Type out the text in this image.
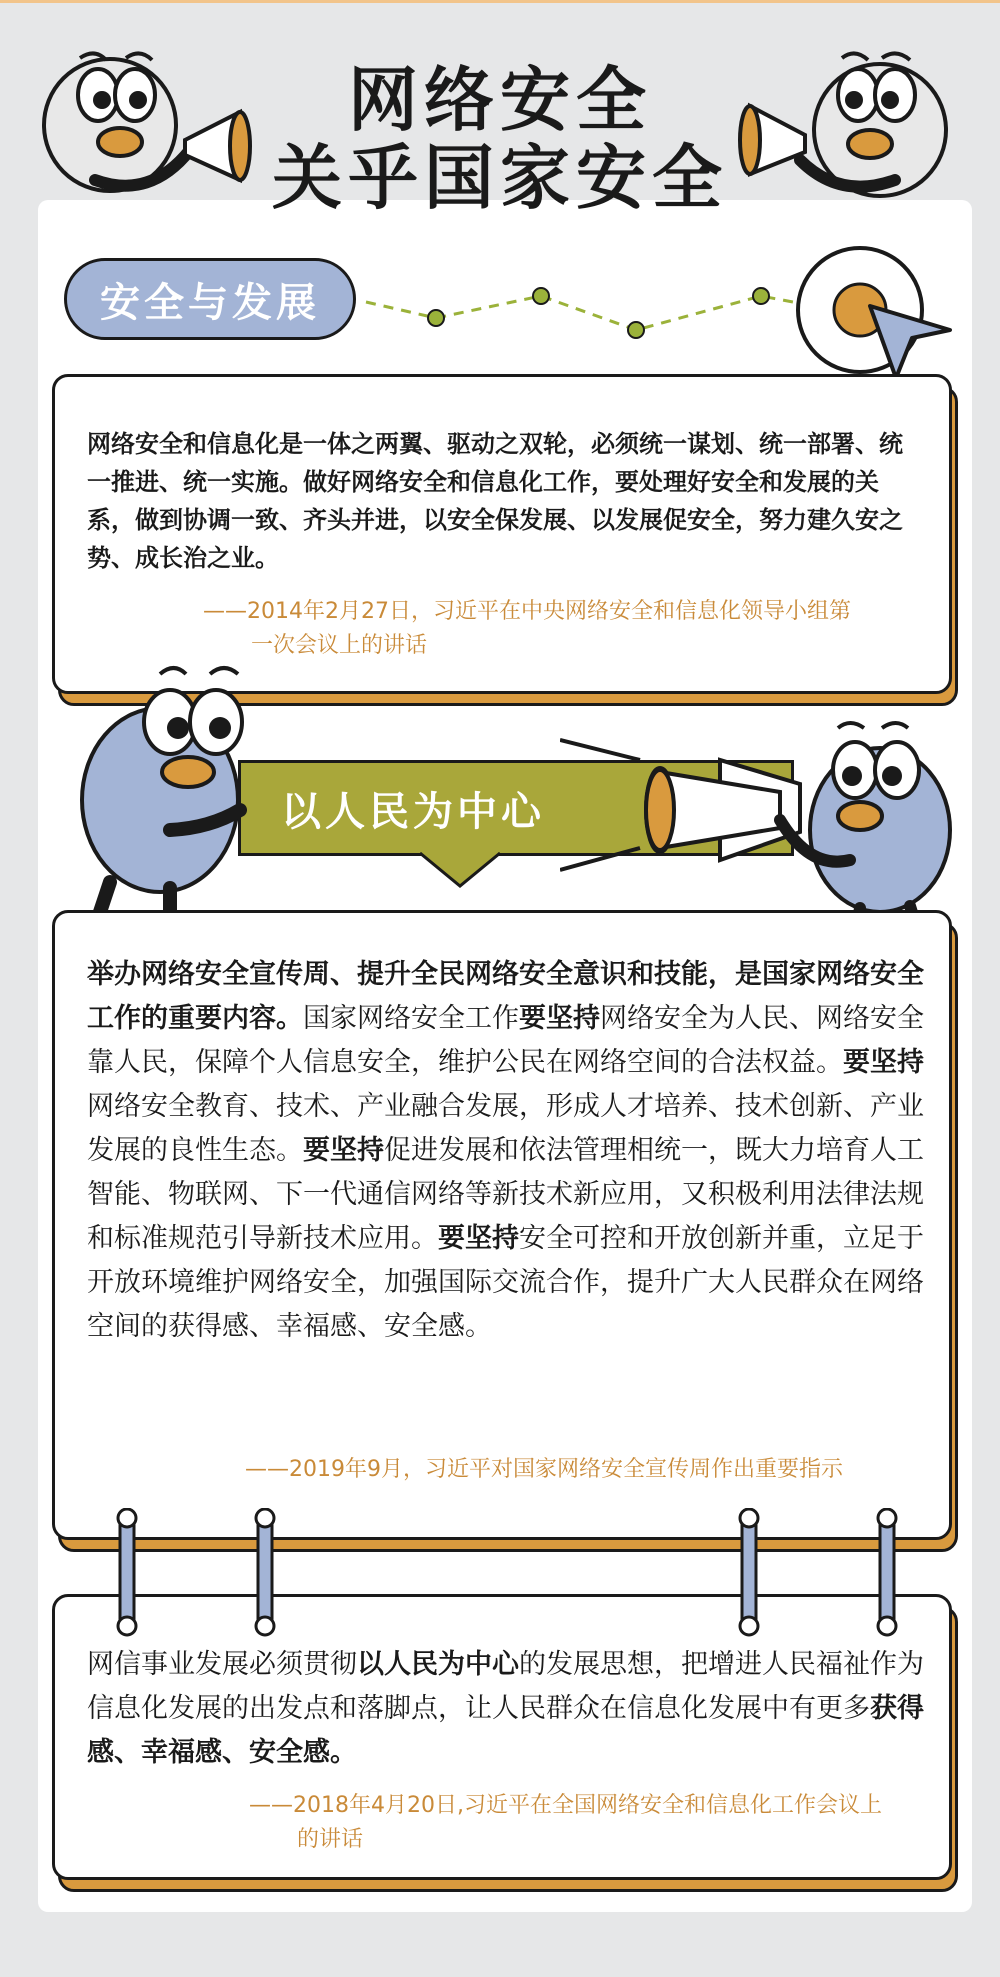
网络安全
关乎国家安全
安全与发展
网络安全和信息化是一体之两翼、驱动之双轮，必须统一谋划、统一部署、统一推进、统一实施。做好网络安全和信息化工作，要处理好安全和发展的关系，做到协调一致、齐头并进，以安全保发展、以发展促安全，努力建久安之势、成长治之业。
——2014年2月27日，习近平在中央网络安全和信息化领导小组第
一次会议上的讲话
以人民为中心
举办网络安全宣传周、提升全民网络安全意识和技能，是国家网络安全工作的重要内容。国家网络安全工作要坚持网络安全为人民、网络安全靠人民，保障个人信息安全，维护公民在网络空间的合法权益。要坚持网络安全教育、技术、产业融合发展，形成人才培养、技术创新、产业发展的良性生态。要坚持促进发展和依法管理相统一，既大力培育人工智能、物联网、下一代通信网络等新技术新应用，又积极利用法律法规和标准规范引导新技术应用。要坚持安全可控和开放创新并重，立足于开放环境维护网络安全，加强国际交流合作，提升广大人民群众在网络空间的获得感、幸福感、安全感。
——2019年9月，习近平对国家网络安全宣传周作出重要指示
网信事业发展必须贯彻以人民为中心的发展思想，把增进人民福祉作为信息化发展的出发点和落脚点，让人民群众在信息化发展中有更多获得感、幸福感、安全感。
——2018年4月20日,习近平在全国网络安全和信息化工作会议上
的讲话
